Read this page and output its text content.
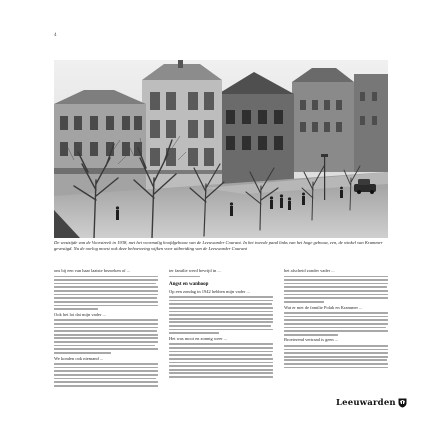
4

De westzijde van de Voorstreek in 1938, met het voormalig hoofdgebouw van de Leeuwarder Courant. In het tweede pand links van het hoge gebouw, een, de winkel van Krammer gevestigd. Na de oorlog moest ook deze behoeweing wijken voor uitbreiding van de Leeuwarder Courant

ons bij een van haar laatste bezoeken of ...
Ook het lot dat mijn vader ...
We konden ook niemand ...
ter familie werd bevrijd in ...
Angst en wanhoop
Op een zondag in 1942 hebben mijn vader ...
Het was mooi en zonnig weer ...
het afscheid zonder vader ...
Wat er met de familie Polak en Krammer ...
Broeierend vertraad is geen ...
Leeuwarden
